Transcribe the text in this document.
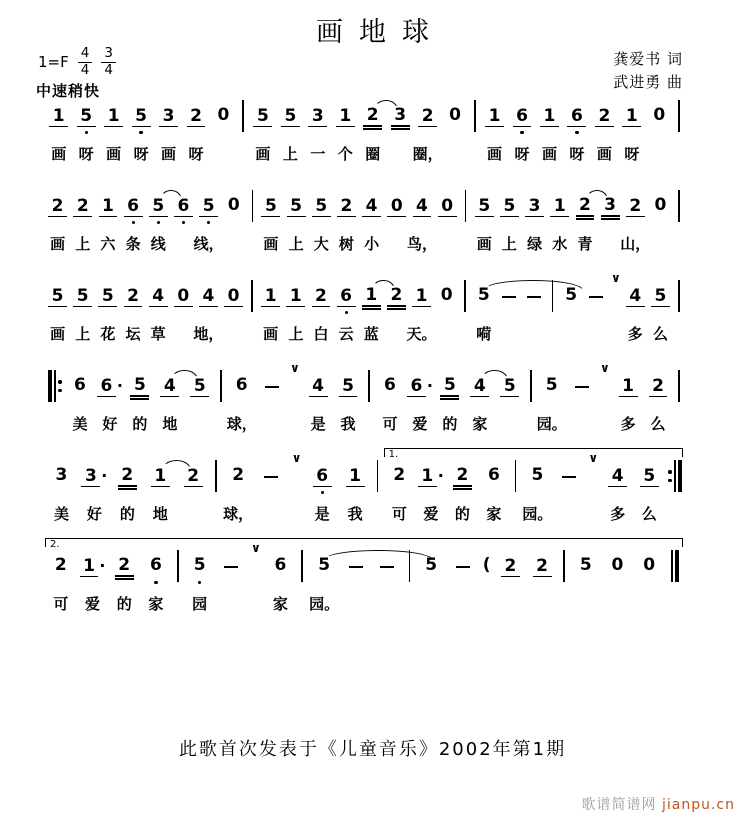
画地球
$1=F \frac{4}{4} \frac{3}{4}$
中速稍快
龚爱书 词
武进勇 曲
1
画
5
呀
1
画
5
呀
3
画
2
呀
0 5
画
5
上
3
一
1
个
2
圈
3 2
圈，
0 1
画
6
呀
1
画
6
呀
2
画
1
呀
0
2
画
2
上
1
六
6
条
5
线
6 5
线，
0 5
画
5
上
5
大
2
树
4
小
0 4
鸟，
0 5
画
5
上
3
绿
1
水
2
青
3 2
山，
0
5
画
5
上
5
花
2
坛
4
草
0 4
地，
0 1
画
1
上
2
白
6
云
1
蓝
2 1
天。
0 5
嗬
5
∨
4
多
5
么
6
美
6 ·
好
5
的
4
地
5 6
球，
∨
4
是
5
我
6
可
6 ·
爱
5
的
4
家
5 5
园。
∨
1
多
2
么
3
美
3 ·
好
2
的
1
地
2 2
球，
∨
6
是
1
我
1.
2
可
1 ·
爱
2
的
6
家
5
园。
∨
4
多
5
么
2.
2
可
1 ·
爱
2
的
6
家
5
园
∨
6
家
5
园。
5	( 2 2 5 0 0
此歌首次发表于《儿童音乐》2002年第1期
歌谱简谱网 jianpu.cn
